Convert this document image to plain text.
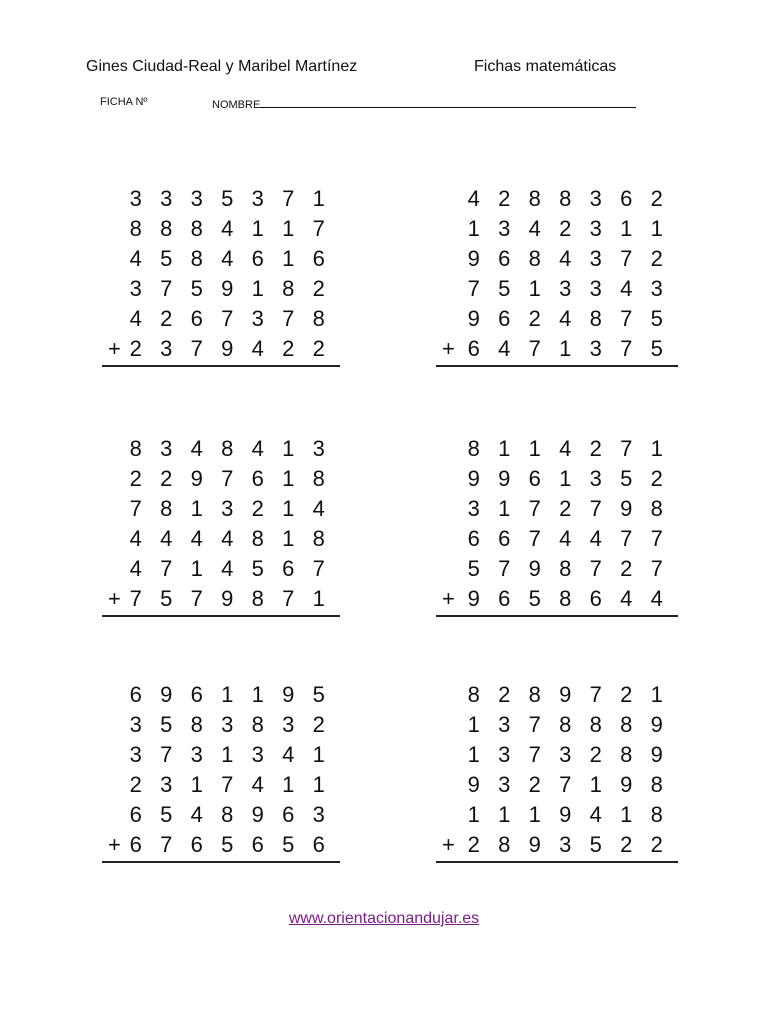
Gines Ciudad-Real y Maribel Martínez	Fichas matemáticas
FICHA Nº	NOMBRE
3 3 3 5 3 7 1
8 8 8 4 1 1 7
4 5 8 4 6 1 6
3 7 5 9 1 8 2
4 2 6 7 3 7 8
+ 2 3 7 9 4 2 2
4 2 8 8 3 6 2
1 3 4 2 3 1 1
9 6 8 4 3 7 2
7 5 1 3 3 4 3
9 6 2 4 8 7 5
+ 6 4 7 1 3 7 5
8 3 4 8 4 1 3
2 2 9 7 6 1 8
7 8 1 3 2 1 4
4 4 4 4 8 1 8
4 7 1 4 5 6 7
+ 7 5 7 9 8 7 1
8 1 1 4 2 7 1
9 9 6 1 3 5 2
3 1 7 2 7 9 8
6 6 7 4 4 7 7
5 7 9 8 7 2 7
+ 9 6 5 8 6 4 4
6 9 6 1 1 9 5
3 5 8 3 8 3 2
3 7 3 1 3 4 1
2 3 1 7 4 1 1
6 5 4 8 9 6 3
+ 6 7 6 5 6 5 6
8 2 8 9 7 2 1
1 3 7 8 8 8 9
1 3 7 3 2 8 9
9 3 2 7 1 9 8
1 1 1 9 4 1 8
+ 2 8 9 3 5 2 2
www.orientacionandujar.es
